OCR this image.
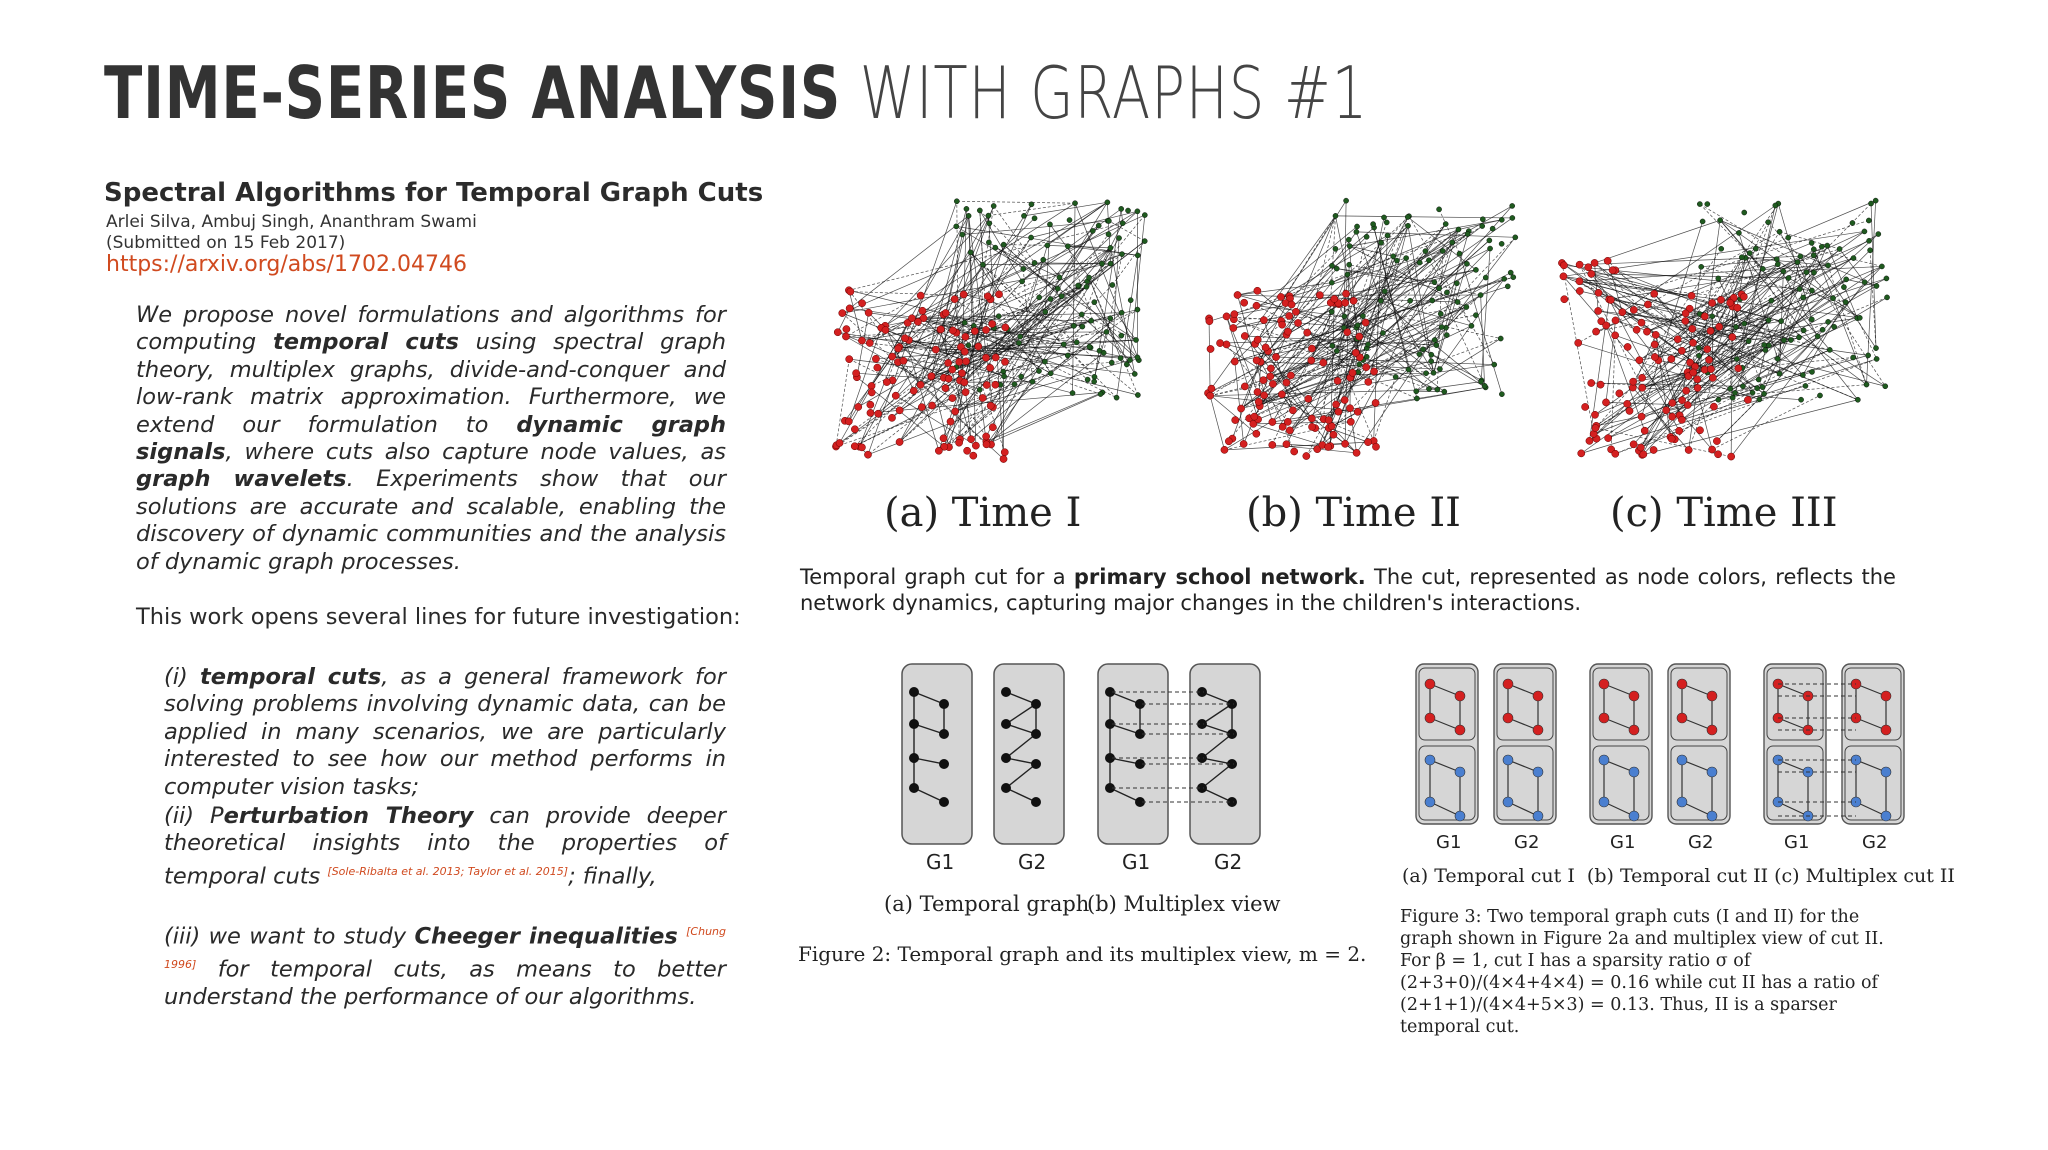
TIME-SERIES ANALYSIS WITH GRAPHS #1
Spectral Algorithms for Temporal Graph Cuts
Arlei Silva, Ambuj Singh, Ananthram Swami
(Submitted on 15 Feb 2017)
https://arxiv.org/abs/1702.04746
We propose novel formulations and algorithms for computing temporal cuts using spectral graph theory, multiplex graphs, divide-and-conquer and low-rank matrix approximation. Furthermore, we extend our formulation to dynamic graph signals, where cuts also capture node values, as graph wavelets. Experiments show that our solutions are accurate and scalable, enabling the discovery of dynamic communities and the analysis of dynamic graph processes.
This work opens several lines for future investigation:
(i) temporal cuts, as a general framework for solving problems involving dynamic data, can be applied in many scenarios, we are particularly interested to see how our method performs in computer vision tasks;
(ii) Perturbation Theory can provide deeper theoretical insights into the properties of temporal cuts [Sole-Ribalta et al. 2013; Taylor et al. 2015]; finally,
(iii) we want to study Cheeger inequalities [Chung 1996] for temporal cuts, as means to better understand the performance of our algorithms.
(a) Time I	(b) Time II	(c) Time III
Temporal graph cut for a primary school network. The cut, represented as node colors, reflects the network dynamics, capturing major changes in the children's interactions.
G1	G2	G1	G2
(a) Temporal graph
(b) Multiplex view
Figure 2: Temporal graph and its multiplex view, m = 2.
G1	G2	G1	G2	G1	G2
(a) Temporal cut I  (b) Temporal cut II (c) Multiplex cut II
Figure 3: Two temporal graph cuts (I and II) for the graph shown in Figure 2a and multiplex view of cut II. For β = 1, cut I has a sparsity ratio σ of (2+3+0)/(4×4+4×4) = 0.16 while cut II has a ratio of (2+1+1)/(4×4+5×3) = 0.13. Thus, II is a sparser temporal cut.
